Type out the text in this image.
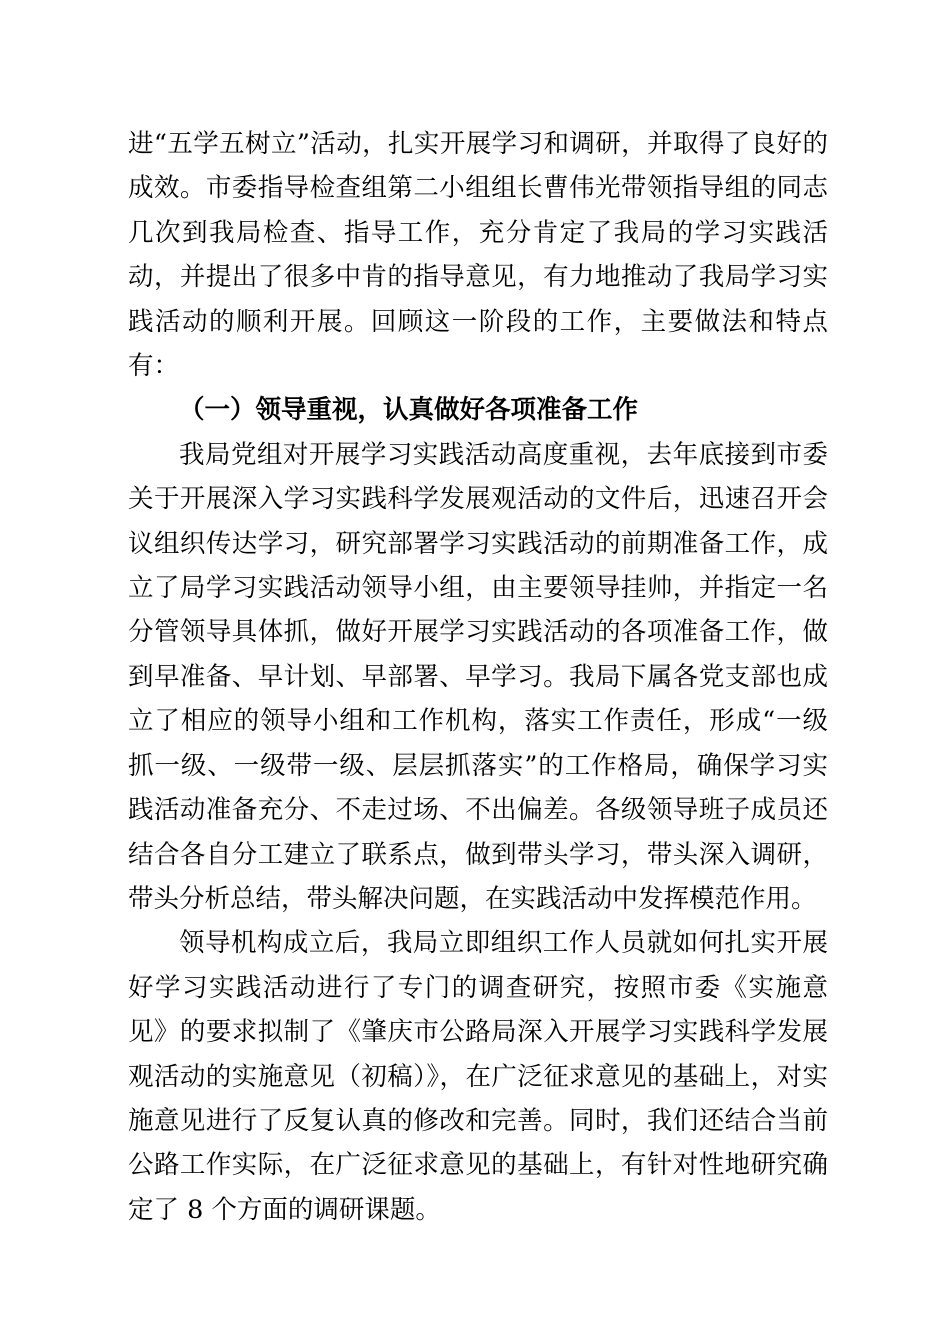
进“五学五树立”活动，扎实开展学习和调研，并取得了良好的成效。市委指导检查组第二小组组长曹伟光带领指导组的同志几次到我局检查、指导工作，充分肯定了我局的学习实践活动，并提出了很多中肯的指导意见，有力地推动了我局学习实践活动的顺利开展。回顾这一阶段的工作，主要做法和特点有：

（一）领导重视，认真做好各项准备工作

我局党组对开展学习实践活动高度重视，去年底接到市委关于开展深入学习实践科学发展观活动的文件后，迅速召开会议组织传达学习，研究部署学习实践活动的前期准备工作，成立了局学习实践活动领导小组，由主要领导挂帅，并指定一名分管领导具体抓，做好开展学习实践活动的各项准备工作，做到早准备、早计划、早部署、早学习。我局下属各党支部也成立了相应的领导小组和工作机构，落实工作责任，形成“一级抓一级、一级带一级、层层抓落实”的工作格局，确保学习实践活动准备充分、不走过场、不出偏差。各级领导班子成员还结合各自分工建立了联系点，做到带头学习，带头深入调研，带头分析总结，带头解决问题，在实践活动中发挥模范作用。

领导机构成立后，我局立即组织工作人员就如何扎实开展好学习实践活动进行了专门的调查研究，按照市委《实施意见》的要求拟制了《肇庆市公路局深入开展学习实践科学发展观活动的实施意见（初稿）》，在广泛征求意见的基础上，对实施意见进行了反复认真的修改和完善。同时，我们还结合当前公路工作实际，在广泛征求意见的基础上，有针对性地研究确定了 8 个方面的调研课题。
